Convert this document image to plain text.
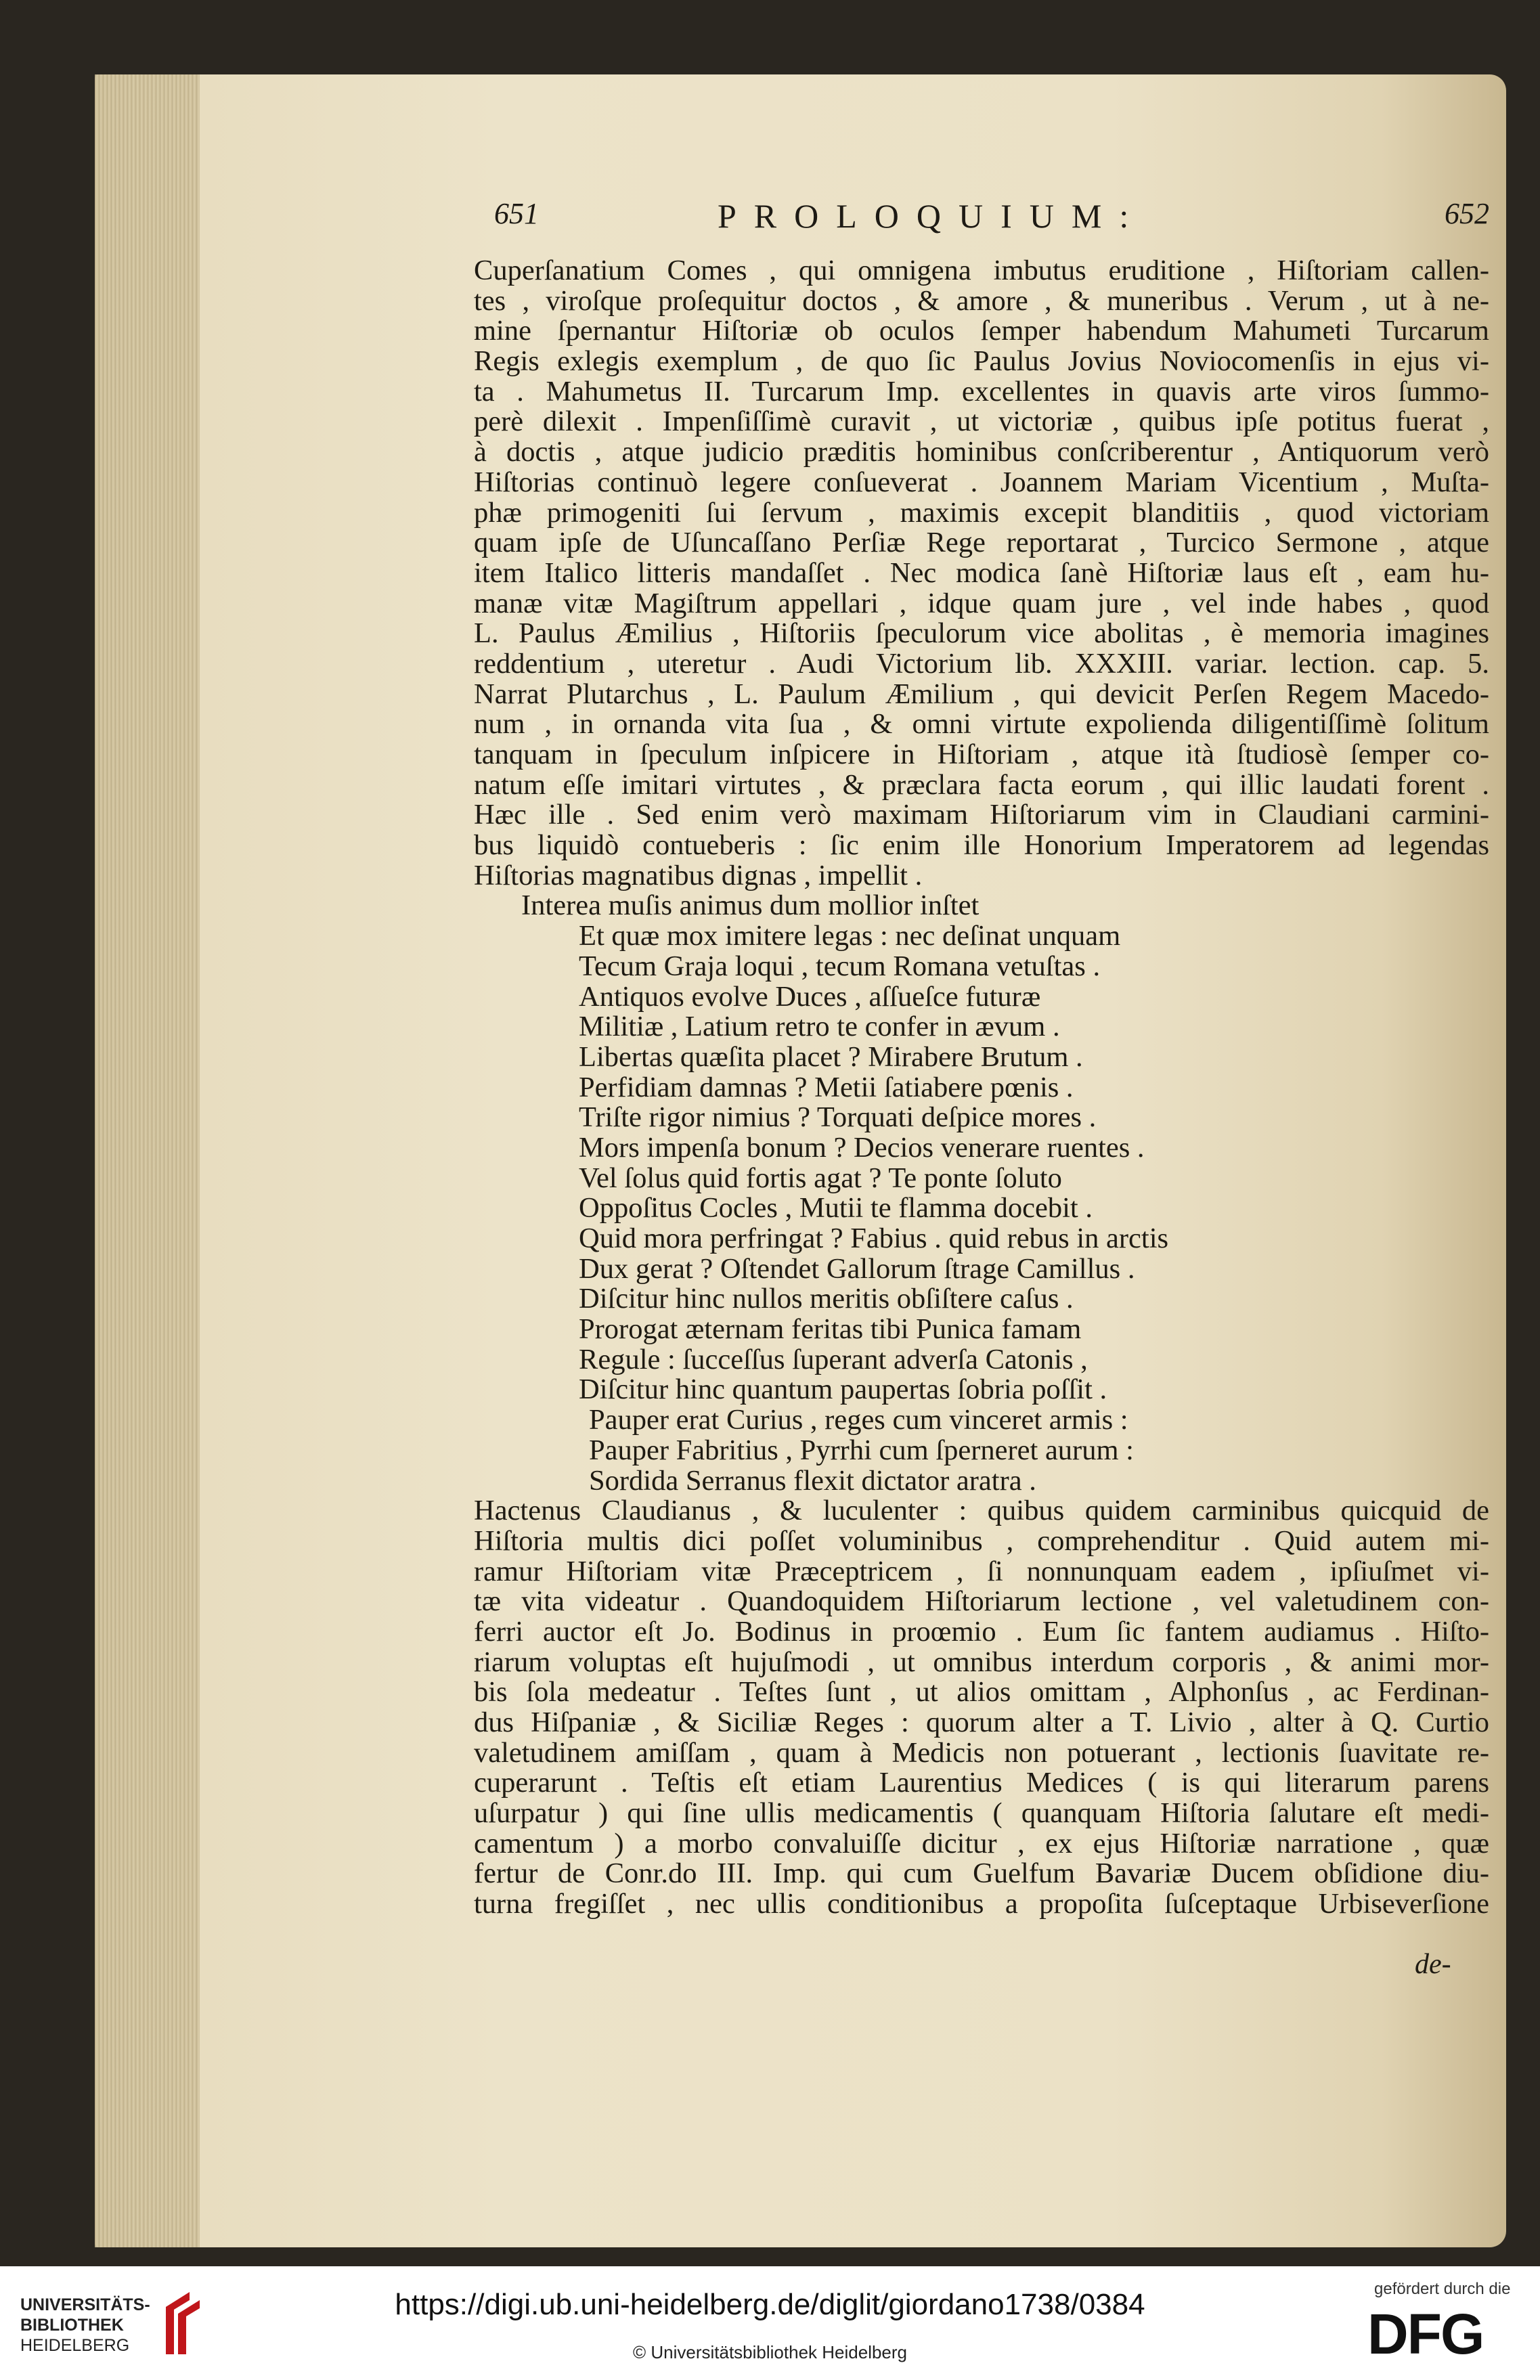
651	PROLOQUIUM:	652
Cuperſanatium Comes , qui omnigena imbutus eruditione , Hiſtoriam callen-
tes , viroſque proſequitur doctos , & amore , & muneribus . Verum , ut à ne-
mine ſpernantur Hiſtoriæ ob oculos ſemper habendum Mahumeti Turcarum
Regis exlegis exemplum , de quo ſic Paulus Jovius Noviocomenſis in ejus vi-
ta . Mahumetus II. Turcarum Imp. excellentes in quavis arte viros ſummo-
perè dilexit . Impenſiſſimè curavit , ut victoriæ , quibus ipſe potitus fuerat ,
à doctis , atque judicio præditis hominibus conſcriberentur , Antiquorum verò
Hiſtorias continuò legere conſueverat . Joannem Mariam Vicentium , Muſta-
phæ primogeniti ſui ſervum , maximis excepit blanditiis , quod victoriam
quam ipſe de Uſuncaſſano Perſiæ Rege reportarat , Turcico Sermone , atque
item Italico litteris mandaſſet . Nec modica ſanè Hiſtoriæ laus eſt , eam hu-
manæ vitæ Magiſtrum appellari , idque quam jure , vel inde habes , quod
L. Paulus Æmilius , Hiſtoriis ſpeculorum vice abolitas , è memoria imagines
reddentium , uteretur . Audi Victorium lib. XXXIII. variar. lection. cap. 5.
Narrat Plutarchus , L. Paulum Æmilium , qui devicit Perſen Regem Macedo-
num , in ornanda vita ſua , & omni virtute expolienda diligentiſſimè ſolitum
tanquam in ſpeculum inſpicere in Hiſtoriam , atque ità ſtudiosè ſemper co-
natum eſſe imitari virtutes , & præclara facta eorum , qui illic laudati forent .
Hæc ille . Sed enim verò maximam Hiſtoriarum vim in Claudiani carmini-
bus liquidò contueberis : ſic enim ille Honorium Imperatorem ad legendas
Hiſtorias magnatibus dignas , impellit .
Interea muſis animus dum mollior inſtet
Et quæ mox imitere legas : nec deſinat unquam
Tecum Graja loqui , tecum Romana vetuſtas .
Antiquos evolve Duces , aſſueſce futuræ
Militiæ , Latium retro te confer in ævum .
Libertas quæſita placet ? Mirabere Brutum .
Perfidiam damnas ? Metii ſatiabere pœnis .
Triſte rigor nimius ? Torquati deſpice mores .
Mors impenſa bonum ? Decios venerare ruentes .
Vel ſolus quid fortis agat ? Te ponte ſoluto
Oppoſitus Cocles , Mutii te flamma docebit .
Quid mora perfringat ? Fabius . quid rebus in arctis
Dux gerat ? Oſtendet Gallorum ſtrage Camillus .
Diſcitur hinc nullos meritis obſiſtere caſus .
Prorogat æternam feritas tibi Punica famam
Regule : ſucceſſus ſuperant adverſa Catonis ,
Diſcitur hinc quantum paupertas ſobria poſſit .
Pauper erat Curius , reges cum vinceret armis :
Pauper Fabritius , Pyrrhi cum ſperneret aurum :
Sordida Serranus flexit dictator aratra .
Hactenus Claudianus , & luculenter : quibus quidem carminibus quicquid de
Hiſtoria multis dici poſſet voluminibus , comprehenditur . Quid autem mi-
ramur Hiſtoriam vitæ Præceptricem , ſi nonnunquam eadem , ipſiuſmet vi-
tæ vita videatur . Quandoquidem Hiſtoriarum lectione , vel valetudinem con-
ferri auctor eſt Jo. Bodinus in proœmio . Eum ſic fantem audiamus . Hiſto-
riarum voluptas eſt hujuſmodi , ut omnibus interdum corporis , & animi mor-
bis ſola medeatur . Teſtes ſunt , ut alios omittam , Alphonſus , ac Ferdinan-
dus Hiſpaniæ , & Siciliæ Reges : quorum alter a T. Livio , alter à Q. Curtio
valetudinem amiſſam , quam à Medicis non potuerant , lectionis ſuavitate re-
cuperarunt . Teſtis eſt etiam Laurentius Medices ( is qui literarum parens
uſurpatur ) qui ſine ullis medicamentis ( quanquam Hiſtoria ſalutare eſt medi-
camentum ) a morbo convaluiſſe dicitur , ex ejus Hiſtoriæ narratione , quæ
fertur de Conr.do III. Imp. qui cum Guelfum Bavariæ Ducem obſidione diu-
turna fregiſſet , nec ullis conditionibus a propoſita ſuſceptaque Urbiseverſione
de-
UNIVERSITÄTS-
BIBLIOTHEK
HEIDELBERG
https://digi.ub.uni-heidelberg.de/diglit/giordano1738/0384
© Universitätsbibliothek Heidelberg
gefördert durch die
DFG
